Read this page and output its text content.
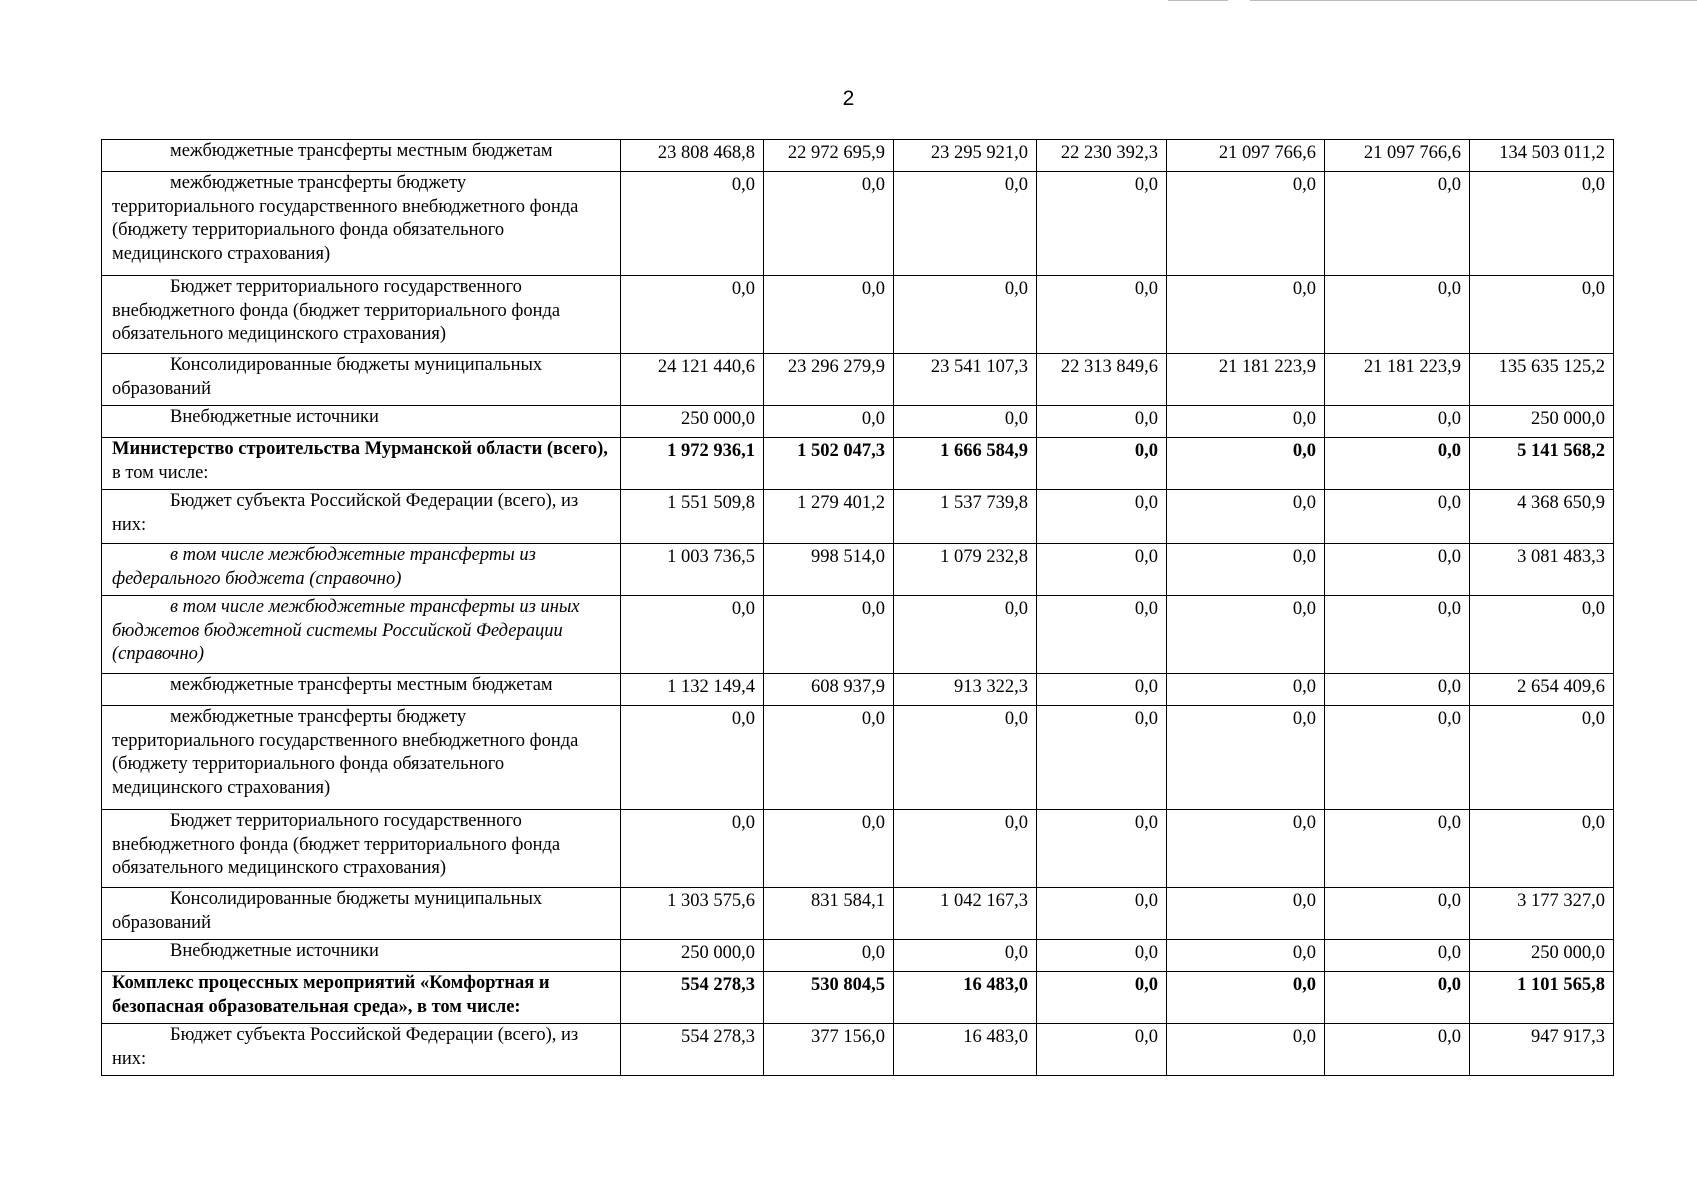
2
межбюджетные трансферты местным бюджетам	23 808 468,8	22 972 695,9	23 295 921,0	22 230 392,3	21 097 766,6	21 097 766,6	134 503 011,2
межбюджетные трансферты бюджету территориального государственного внебюджетного фонда (бюджету территориального фонда обязательного медицинского страхования)	0,0	0,0	0,0	0,0	0,0	0,0	0,0
Бюджет территориального государственного внебюджетного фонда (бюджет территориального фонда обязательного медицинского страхования)	0,0	0,0	0,0	0,0	0,0	0,0	0,0
Консолидированные бюджеты муниципальных образований	24 121 440,6	23 296 279,9	23 541 107,3	22 313 849,6	21 181 223,9	21 181 223,9	135 635 125,2
Внебюджетные источники	250 000,0	0,0	0,0	0,0	0,0	0,0	250 000,0
Министерство строительства Мурманской области (всего), в том числе:	1 972 936,1	1 502 047,3	1 666 584,9	0,0	0,0	0,0	5 141 568,2
Бюджет субъекта Российской Федерации (всего), из них:	1 551 509,8	1 279 401,2	1 537 739,8	0,0	0,0	0,0	4 368 650,9
в том числе межбюджетные трансферты из федерального бюджета (справочно)	1 003 736,5	998 514,0	1 079 232,8	0,0	0,0	0,0	3 081 483,3
в том числе межбюджетные трансферты из иных бюджетов бюджетной системы Российской Федерации (справочно)	0,0	0,0	0,0	0,0	0,0	0,0	0,0
межбюджетные трансферты местным бюджетам	1 132 149,4	608 937,9	913 322,3	0,0	0,0	0,0	2 654 409,6
межбюджетные трансферты бюджету территориального государственного внебюджетного фонда (бюджету территориального фонда обязательного медицинского страхования)	0,0	0,0	0,0	0,0	0,0	0,0	0,0
Бюджет территориального государственного внебюджетного фонда (бюджет территориального фонда обязательного медицинского страхования)	0,0	0,0	0,0	0,0	0,0	0,0	0,0
Консолидированные бюджеты муниципальных образований	1 303 575,6	831 584,1	1 042 167,3	0,0	0,0	0,0	3 177 327,0
Внебюджетные источники	250 000,0	0,0	0,0	0,0	0,0	0,0	250 000,0
Комплекс процессных мероприятий «Комфортная и безопасная образовательная среда», в том числе:	554 278,3	530 804,5	16 483,0	0,0	0,0	0,0	1 101 565,8
Бюджет субъекта Российской Федерации (всего), из них:	554 278,3	377 156,0	16 483,0	0,0	0,0	0,0	947 917,3
